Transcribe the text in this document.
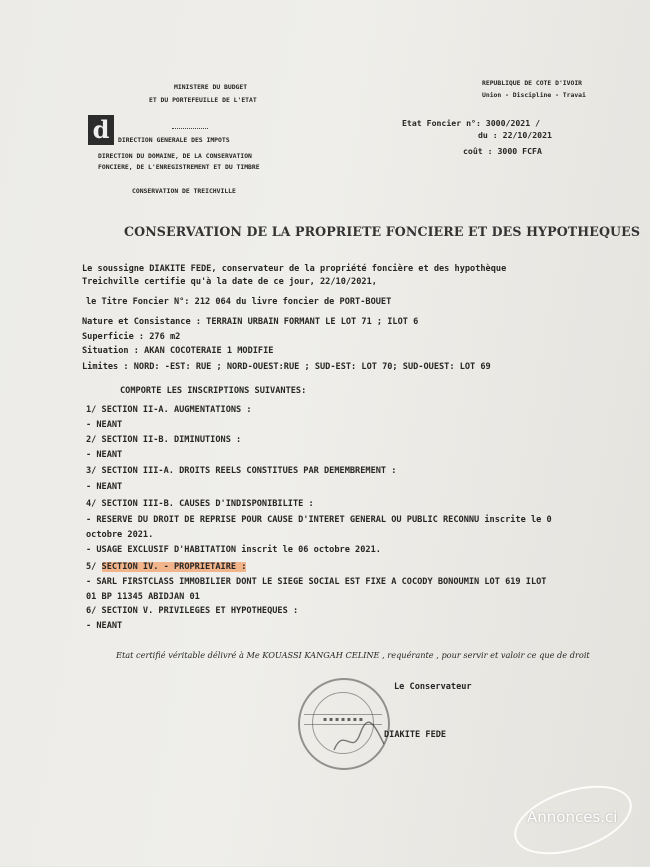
MINISTERE DU BUDGET
ET DU PORTEFEUILLE DE L'ETAT
d	DIRECTION GENERALE DES IMPOTS
DIRECTION DU DOMAINE, DE LA CONSERVATION
FONCIERE, DE L'ENREGISTREMENT ET DU TIMBRE
CONSERVATION DE TREICHVILLE
REPUBLIQUE DE COTE D'IVOIR
Union - Discipline - Travai
Etat Foncier n°: 3000/2021 /
du : 22/10/2021
coût : 3000 FCFA
CONSERVATION DE LA PROPRIETE FONCIERE ET DES HYPOTHEQUES
Le soussigne DIAKITE FEDE, conservateur de la propriété foncière et des hypothèque
Treichville certifie qu'à la date de ce jour, 22/10/2021,
le Titre Foncier N°: 212 064 du livre foncier de PORT-BOUET
Nature et Consistance : TERRAIN URBAIN FORMANT LE LOT 71 ; ILOT 6
Superficie : 276 m2
Situation : AKAN COCOTERAIE 1 MODIFIE
Limites : NORD: -EST: RUE ; NORD-OUEST:RUE ; SUD-EST: LOT 70; SUD-OUEST: LOT 69
COMPORTE LES INSCRIPTIONS SUIVANTES:
1/ SECTION II-A. AUGMENTATIONS :
- NEANT
2/ SECTION II-B. DIMINUTIONS :
- NEANT
3/ SECTION III-A. DROITS REELS CONSTITUES PAR DEMEMBREMENT :
- NEANT
4/ SECTION III-B. CAUSES D'INDISPONIBILITE :
- RESERVE DU DROIT DE REPRISE POUR CAUSE D'INTERET GENERAL OU PUBLIC RECONNU inscrite le 0
octobre 2021.
- USAGE EXCLUSIF D'HABITATION inscrit le 06 octobre 2021.
5/ SECTION IV. - PROPRIETAIRE :
- SARL FIRSTCLASS IMMOBILIER DONT LE SIEGE SOCIAL EST FIXE A COCODY BONOUMIN LOT 619 ILOT
01 BP 11345 ABIDJAN 01
6/ SECTION V. PRIVILEGES ET HYPOTHEQUES :
- NEANT
Etat certifié véritable délivré à Me KOUASSI KANGAH CELINE , requérante , pour servir et valoir ce que de droit
Le Conservateur
▪ ▪ ▪ ▪ ▪ ▪ ▪
DIAKITE FEDE
Annonces.ci
